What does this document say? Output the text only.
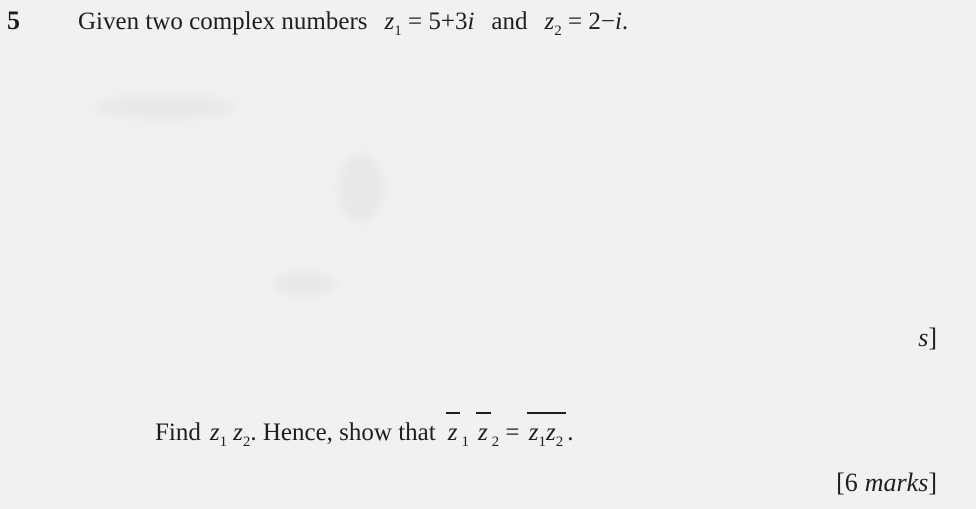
5 Given two complex numbers $z_1 = 5+3i$ and $z_2 = 2-i$.
s]
Find $z_1$ $z_2$. Hence, show that z $_1$ z $_2 = z_1z_2$ .
[6 marks]
